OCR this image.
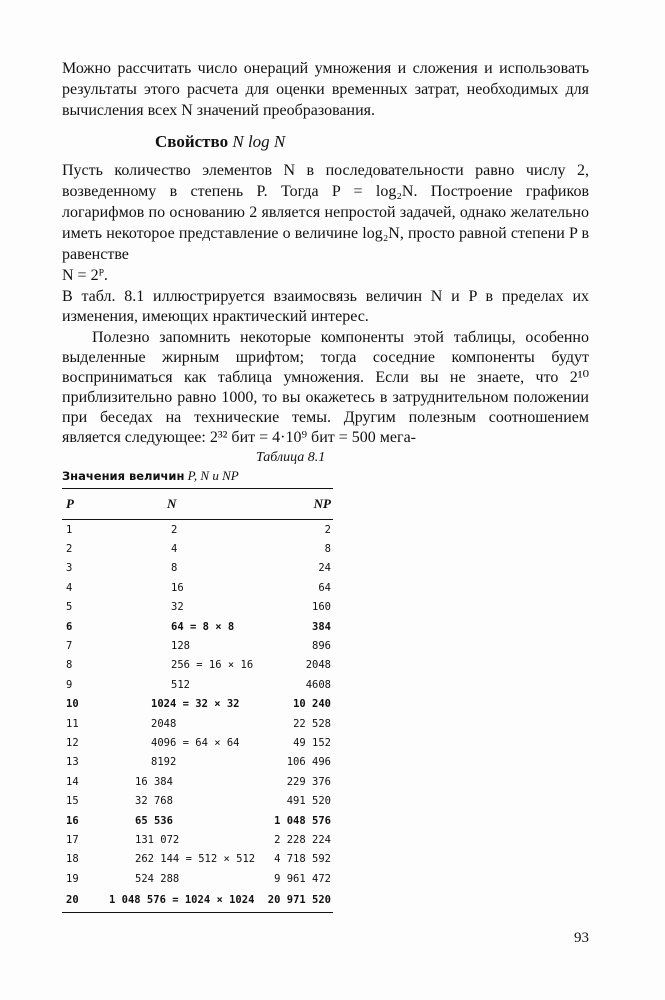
Можно рассчитать число онераций умножения и сложения и использовать результаты этого расчета для оценки временных затрат, необходимых для вычисления всех N значений преобразования.

Свойство N log N

Пусть количество элементов N в последовательности равно числу 2, возведенному в степень P. Тогда P = log₂N. Построение графиков логарифмов по основанию 2 является непростой задачей, однако желательно иметь некоторое представление о величине log₂N, просто равной степени P в равенстве

N = 2ᴾ.

В табл. 8.1 иллюстрируется взаимосвязь величин N и P в пределах их изменения, имеющих нрактический интерес.

Полезно запомнить некоторые компоненты этой таблицы, особенно выделенные жирным шрифтом; тогда соседние компоненты будут восприниматься как таблица умножения. Если вы не знаете, что 2¹⁰ приблизительно равно 1000, то вы окажетесь в затруднительном положении при беседах на технические темы. Другим полезным соотношением является следующее: 2³² бит = 4·10⁹ бит = 500 мега-

Таблица 8.1
Значения величин P, N и NP
P	N	NP
1	2	2
2	4	8
3	8	24
4	16	64
5	32	160
6	64 = 8 × 8	384
7	128	896
8	256 = 16 × 16	2048
9	512	4608
10	1024 = 32 × 32	10 240
11	2048	22 528
12	4096 = 64 × 64	49 152
13	8192	106 496
14	16 384	229 376
15	32 768	491 520
16	65 536	1 048 576
17	131 072	2 228 224
18	262 144 = 512 × 512	4 718 592
19	524 288	9 961 472
20	1 048 576 = 1024 × 1024	20 971 520
93
